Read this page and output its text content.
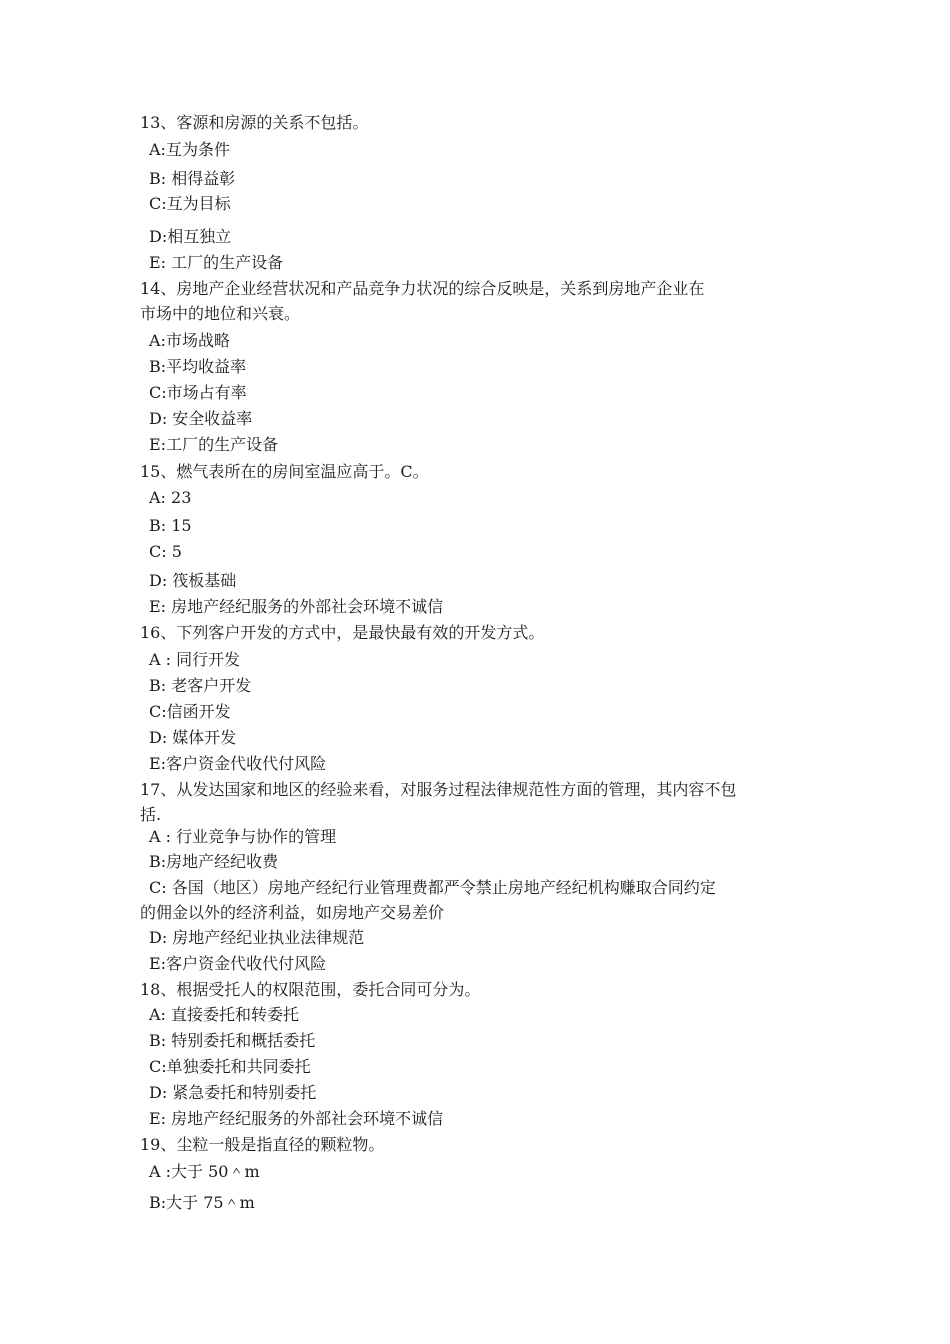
13、客源和房源的关系不包括。
A:互为条件
B: 相得益彰
C:互为目标
D:相互独立
E: 工厂的生产设备
14、房地产企业经营状况和产品竞争力状况的综合反映是，关系到房地产企业在
市场中的地位和兴衰。
A:市场战略
B:平均收益率
C:市场占有率
D: 安全收益率
E:工厂的生产设备
15、燃气表所在的房间室温应高于。C。
A: 23
B: 15
C: 5
D: 筏板基础
E: 房地产经纪服务的外部社会环境不诚信
16、下列客户开发的方式中，是最快最有效的开发方式。
A : 同行开发
B: 老客户开发
C:信函开发
D: 媒体开发
E:客户资金代收代付风险
17、从发达国家和地区的经验来看，对服务过程法律规范性方面的管理，其内容不包
括.
A : 行业竞争与协作的管理
B:房地产经纪收费
C: 各国（地区）房地产经纪行业管理费都严令禁止房地产经纪机构赚取合同约定
的佣金以外的经济利益，如房地产交易差价
D: 房地产经纪业执业法律规范
E:客户资金代收代付风险
18、根据受托人的权限范围，委托合同可分为。
A: 直接委托和转委托
B: 特别委托和概括委托
C:单独委托和共同委托
D: 紧急委托和特别委托
E: 房地产经纪服务的外部社会环境不诚信
19、尘粒一般是指直径的颗粒物。
A :大于 50＾m
B:大于 75＾m
